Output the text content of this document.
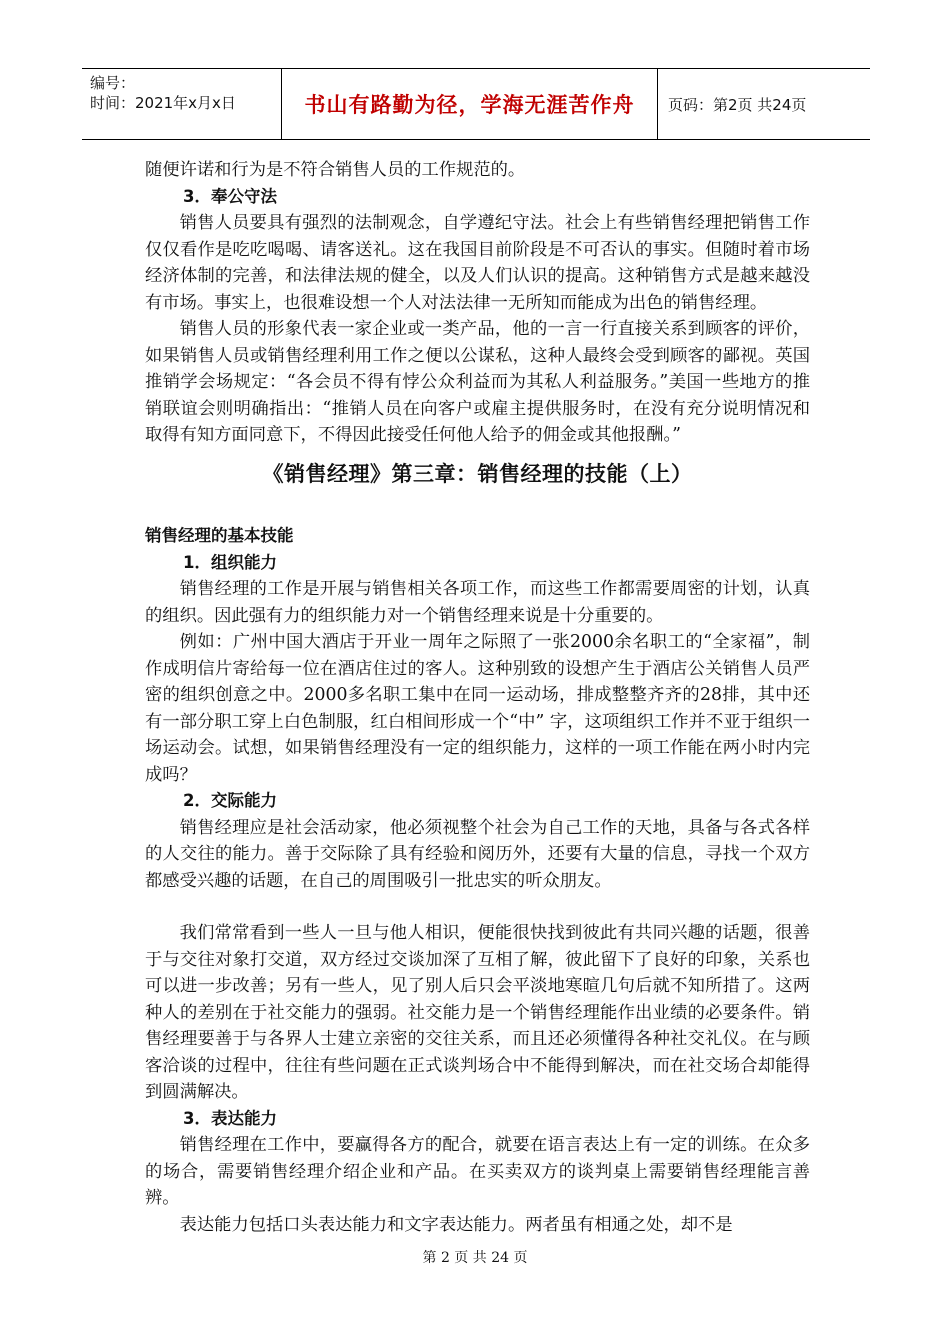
编号：
时间：2021年x月x日	书山有路勤为径，学海无涯苦作舟	页码：第2页 共24页

随便许诺和行为是不符合销售人员的工作规范的。

3．奉公守法

销售人员要具有强烈的法制观念，自学遵纪守法。社会上有些销售经理把销售工作仅仅看作是吃吃喝喝、请客送礼。这在我国目前阶段是不可否认的事实。但随时着市场经济体制的完善，和法律法规的健全，以及人们认识的提高。这种销售方式是越来越没有市场。事实上，也很难设想一个人对法法律一无所知而能成为出色的销售经理。

销售人员的形象代表一家企业或一类产品，他的一言一行直接关系到顾客的评价，如果销售人员或销售经理利用工作之便以公谋私，这种人最终会受到顾客的鄙视。英国推销学会场规定：“各会员不得有悖公众利益而为其私人利益服务。”美国一些地方的推销联谊会则明确指出：“推销人员在向客户或雇主提供服务时，在没有充分说明情况和取得有知方面同意下，不得因此接受任何他人给予的佣金或其他报酬。”

《销售经理》第三章：销售经理的技能（上）

销售经理的基本技能

1．组织能力

销售经理的工作是开展与销售相关各项工作，而这些工作都需要周密的计划，认真的组织。因此强有力的组织能力对一个销售经理来说是十分重要的。

例如：广州中国大酒店于开业一周年之际照了一张2000余名职工的“全家福”，制作成明信片寄给每一位在酒店住过的客人。这种别致的设想产生于酒店公关销售人员严密的组织创意之中。2000多名职工集中在同一运动场，排成整整齐齐的28排，其中还有一部分职工穿上白色制服，红白相间形成一个“中” 字，这项组织工作并不亚于组织一场运动会。试想，如果销售经理没有一定的组织能力，这样的一项工作能在两小时内完成吗？

2．交际能力

销售经理应是社会活动家，他必须视整个社会为自己工作的天地，具备与各式各样的人交往的能力。善于交际除了具有经验和阅历外，还要有大量的信息，寻找一个双方都感受兴趣的话题，在自己的周围吸引一批忠实的听众朋友。

我们常常看到一些人一旦与他人相识，便能很快找到彼此有共同兴趣的话题，很善于与交往对象打交道，双方经过交谈加深了互相了解，彼此留下了良好的印象，关系也可以进一步改善；另有一些人，见了别人后只会平淡地寒暄几句后就不知所措了。这两种人的差别在于社交能力的强弱。社交能力是一个销售经理能作出业绩的必要条件。销售经理要善于与各界人士建立亲密的交往关系，而且还必须懂得各种社交礼仪。在与顾客洽谈的过程中，往往有些问题在正式谈判场合中不能得到解决，而在社交场合却能得到圆满解决。

3．表达能力

销售经理在工作中，要赢得各方的配合，就要在语言表达上有一定的训练。在众多的场合，需要销售经理介绍企业和产品。在买卖双方的谈判桌上需要销售经理能言善辨。

表达能力包括口头表达能力和文字表达能力。两者虽有相通之处，却不是

第 2 页 共 24 页
